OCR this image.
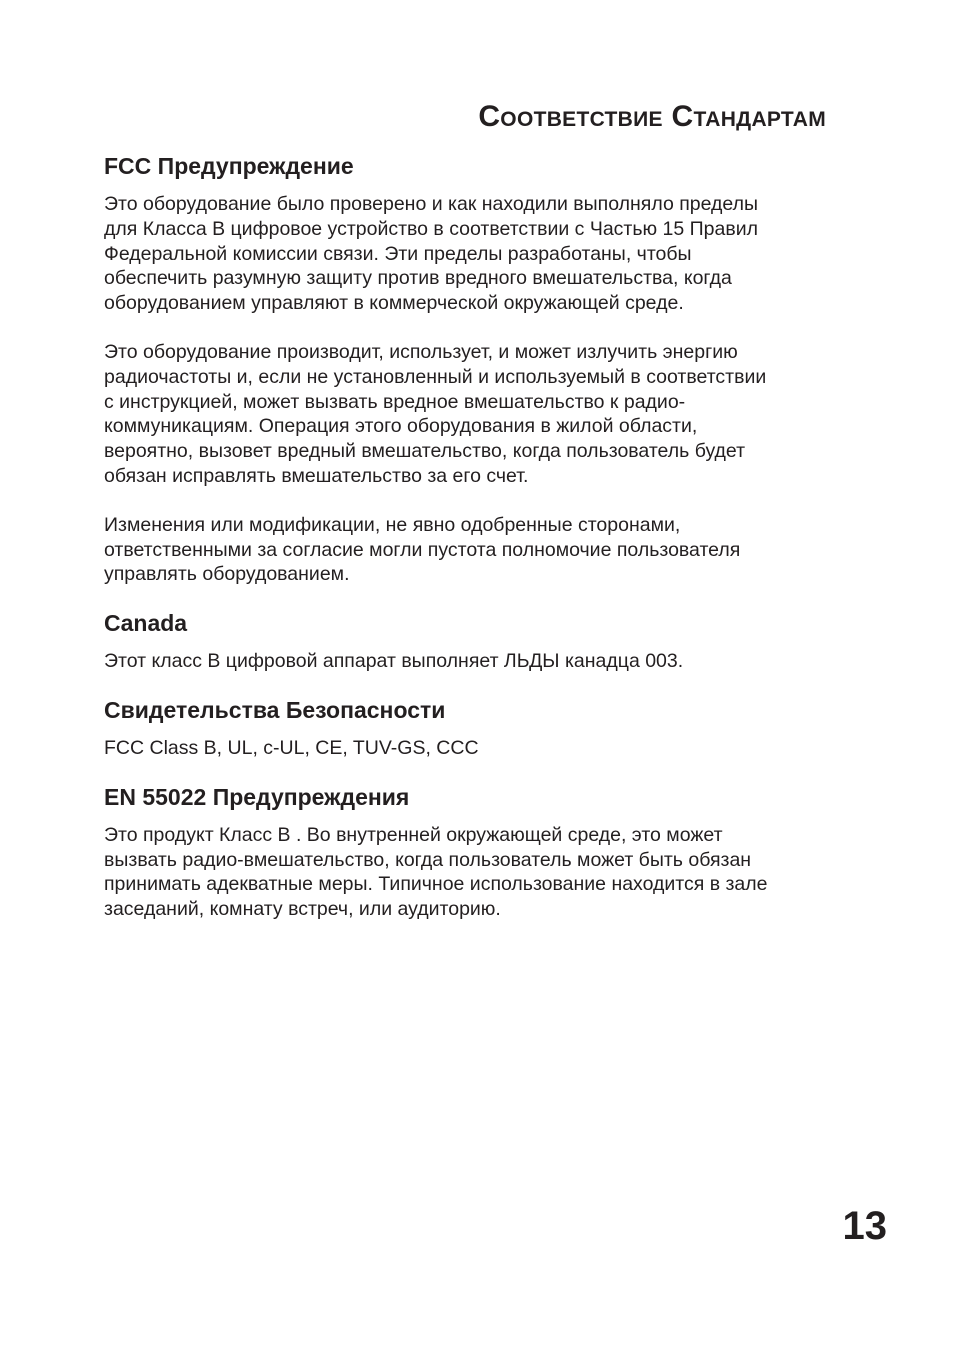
Соответствие Стандартам
FCC Предупреждение

Это оборудование было проверено и как находили выполняло пределы
для Класса B цифровое устройство в соответствии с Частью 15 Правил
Федеральной комиссии связи. Эти пределы разработаны, чтобы
обеспечить разумную защиту против вредного вмешательства, когда
оборудованием управляют в коммерческой окружающей среде.

Это оборудование производит, использует, и может излучить энергию
радиочастоты и, если не установленный и используемый в соответствии
с инструкцией, может вызвать вредное вмешательство к радио-
коммуникациям. Операция этого оборудования в жилой области,
вероятно, вызовет вредный вмешательство, когда пользователь будет
обязан исправлять вмешательство за его счет.

Изменения или модификации, не явно одобренные сторонами,
ответственными за согласие могли пустота полномочие пользователя
управлять оборудованием.

Canada

Этот класс B цифровой аппарат выполняет ЛЬДЫ канадца 003.

Свидетельства Безопасности

FCC Class B, UL, c-UL, CE, TUV-GS, CCC

EN 55022 Предупреждения

Это продукт Класс B . Во внутренней окружающей среде, это может
вызвать радио-вмешательство, когда пользователь может быть обязан
принимать адекватные меры. Типичное использование находится в зале
заседаний, комнату встреч, или аудиторию.

13
